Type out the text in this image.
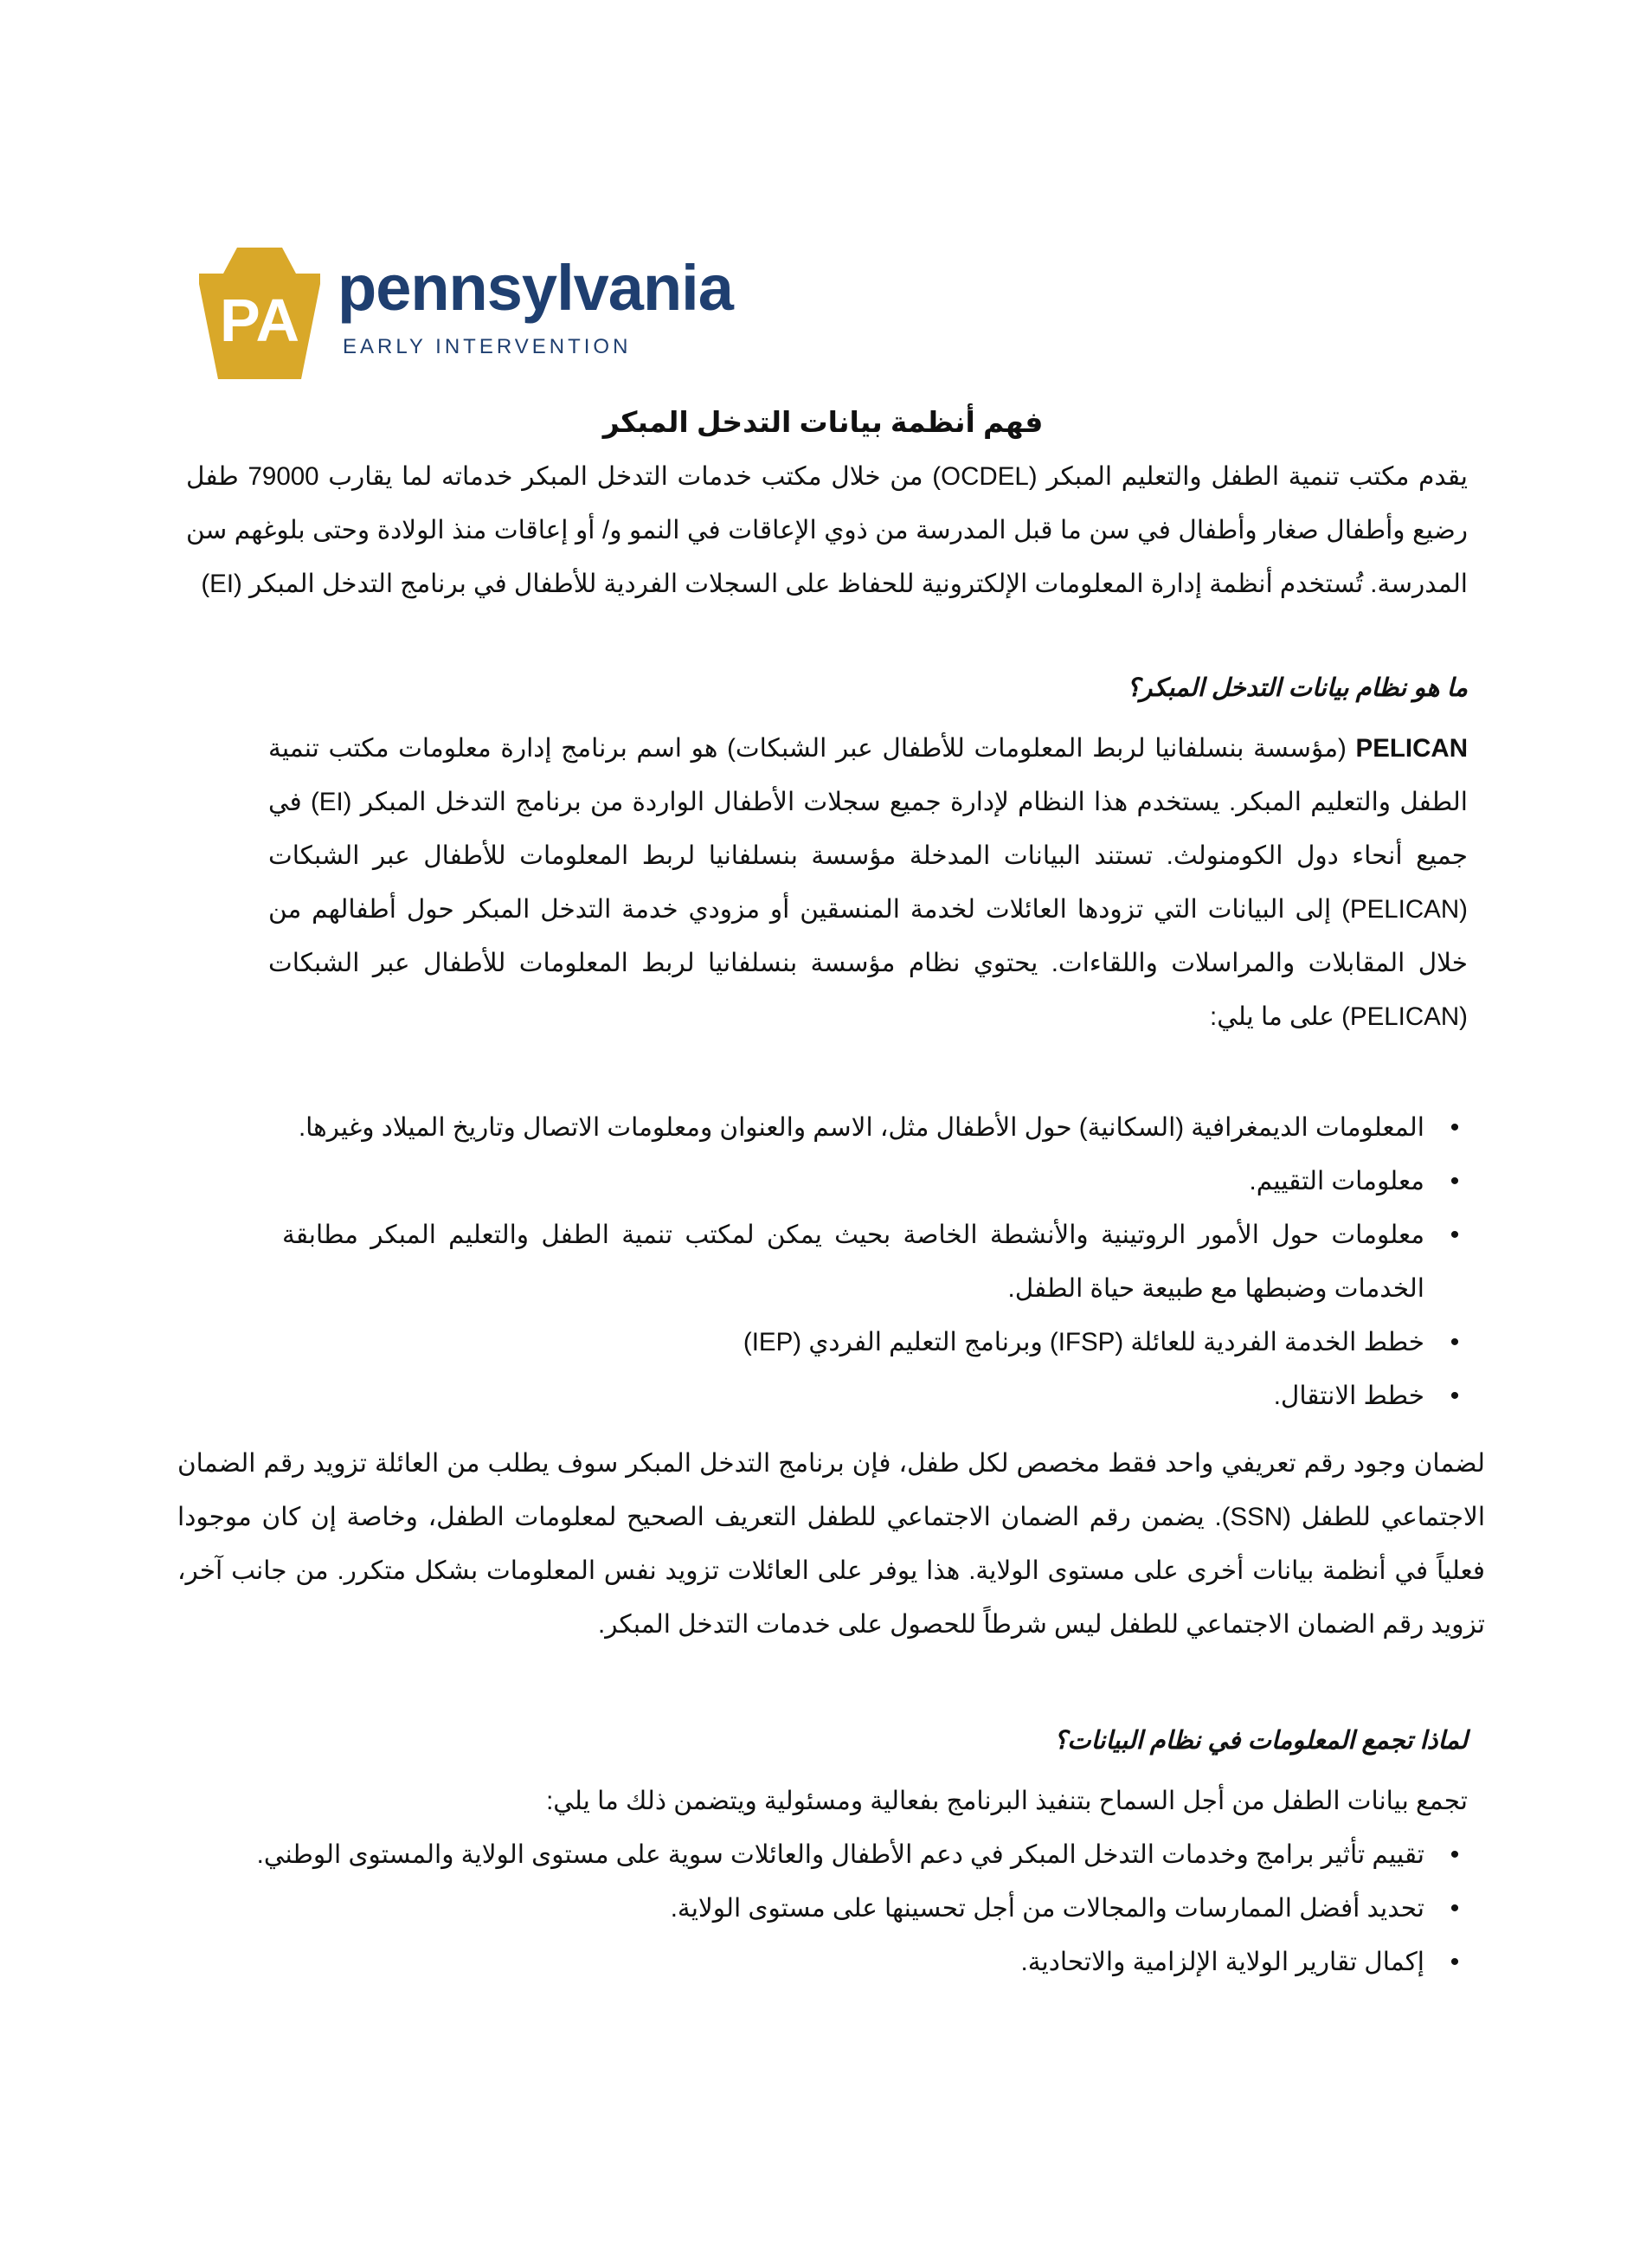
PA pennsylvania
EARLY INTERVENTION
فهم أنظمة بيانات التدخل المبكر

يقدم مكتب تنمية الطفل والتعليم المبكر (OCDEL) من خلال مكتب خدمات التدخل المبكر خدماته لما يقارب 79000 طفل رضيع وأطفال صغار وأطفال في سن ما قبل المدرسة من ذوي الإعاقات في النمو و/ أو إعاقات منذ الولادة وحتى بلوغهم سن المدرسة. تُستخدم أنظمة إدارة المعلومات الإلكترونية للحفاظ على السجلات الفردية للأطفال في برنامج التدخل المبكر (EI)

ما هو نظام بيانات التدخل المبكر؟

PELICAN (مؤسسة بنسلفانيا لربط المعلومات للأطفال عبر الشبكات) هو اسم برنامج إدارة معلومات مكتب تنمية الطفل والتعليم المبكر. يستخدم هذا النظام لإدارة جميع سجلات الأطفال الواردة من برنامج التدخل المبكر (EI) في جميع أنحاء دول الكومنولث. تستند البيانات المدخلة مؤسسة بنسلفانيا لربط المعلومات للأطفال عبر الشبكات (PELICAN) إلى البيانات التي تزودها العائلات لخدمة المنسقين أو مزودي خدمة التدخل المبكر حول أطفالهم من خلال المقابلات والمراسلات واللقاءات. يحتوي نظام مؤسسة بنسلفانيا لربط المعلومات للأطفال عبر الشبكات (PELICAN) على ما يلي:

• المعلومات الديمغرافية (السكانية) حول الأطفال مثل، الاسم والعنوان ومعلومات الاتصال وتاريخ الميلاد وغيرها.
• معلومات التقييم.
• معلومات حول الأمور الروتينية والأنشطة الخاصة بحيث يمكن لمكتب تنمية الطفل والتعليم المبكر مطابقة الخدمات وضبطها مع طبيعة حياة الطفل.
• خطط الخدمة الفردية للعائلة (IFSP) وبرنامج التعليم الفردي (IEP)
• خطط الانتقال.

لضمان وجود رقم تعريفي واحد فقط مخصص لكل طفل، فإن برنامج التدخل المبكر سوف يطلب من العائلة تزويد رقم الضمان الاجتماعي للطفل (SSN). يضمن رقم الضمان الاجتماعي للطفل التعريف الصحيح لمعلومات الطفل، وخاصة إن كان موجودا فعلياً في أنظمة بيانات أخرى على مستوى الولاية. هذا يوفر على العائلات تزويد نفس المعلومات بشكل متكرر. من جانب آخر، تزويد رقم الضمان الاجتماعي للطفل ليس شرطاً للحصول على خدمات التدخل المبكر.

لماذا تجمع المعلومات في نظام البيانات؟

تجمع بيانات الطفل من أجل السماح بتنفيذ البرنامج بفعالية ومسئولية ويتضمن ذلك ما يلي:

• تقييم تأثير برامج وخدمات التدخل المبكر في دعم الأطفال والعائلات سوية على مستوى الولاية والمستوى الوطني.
• تحديد أفضل الممارسات والمجالات من أجل تحسينها على مستوى الولاية.
• إكمال تقارير الولاية الإلزامية والاتحادية.
